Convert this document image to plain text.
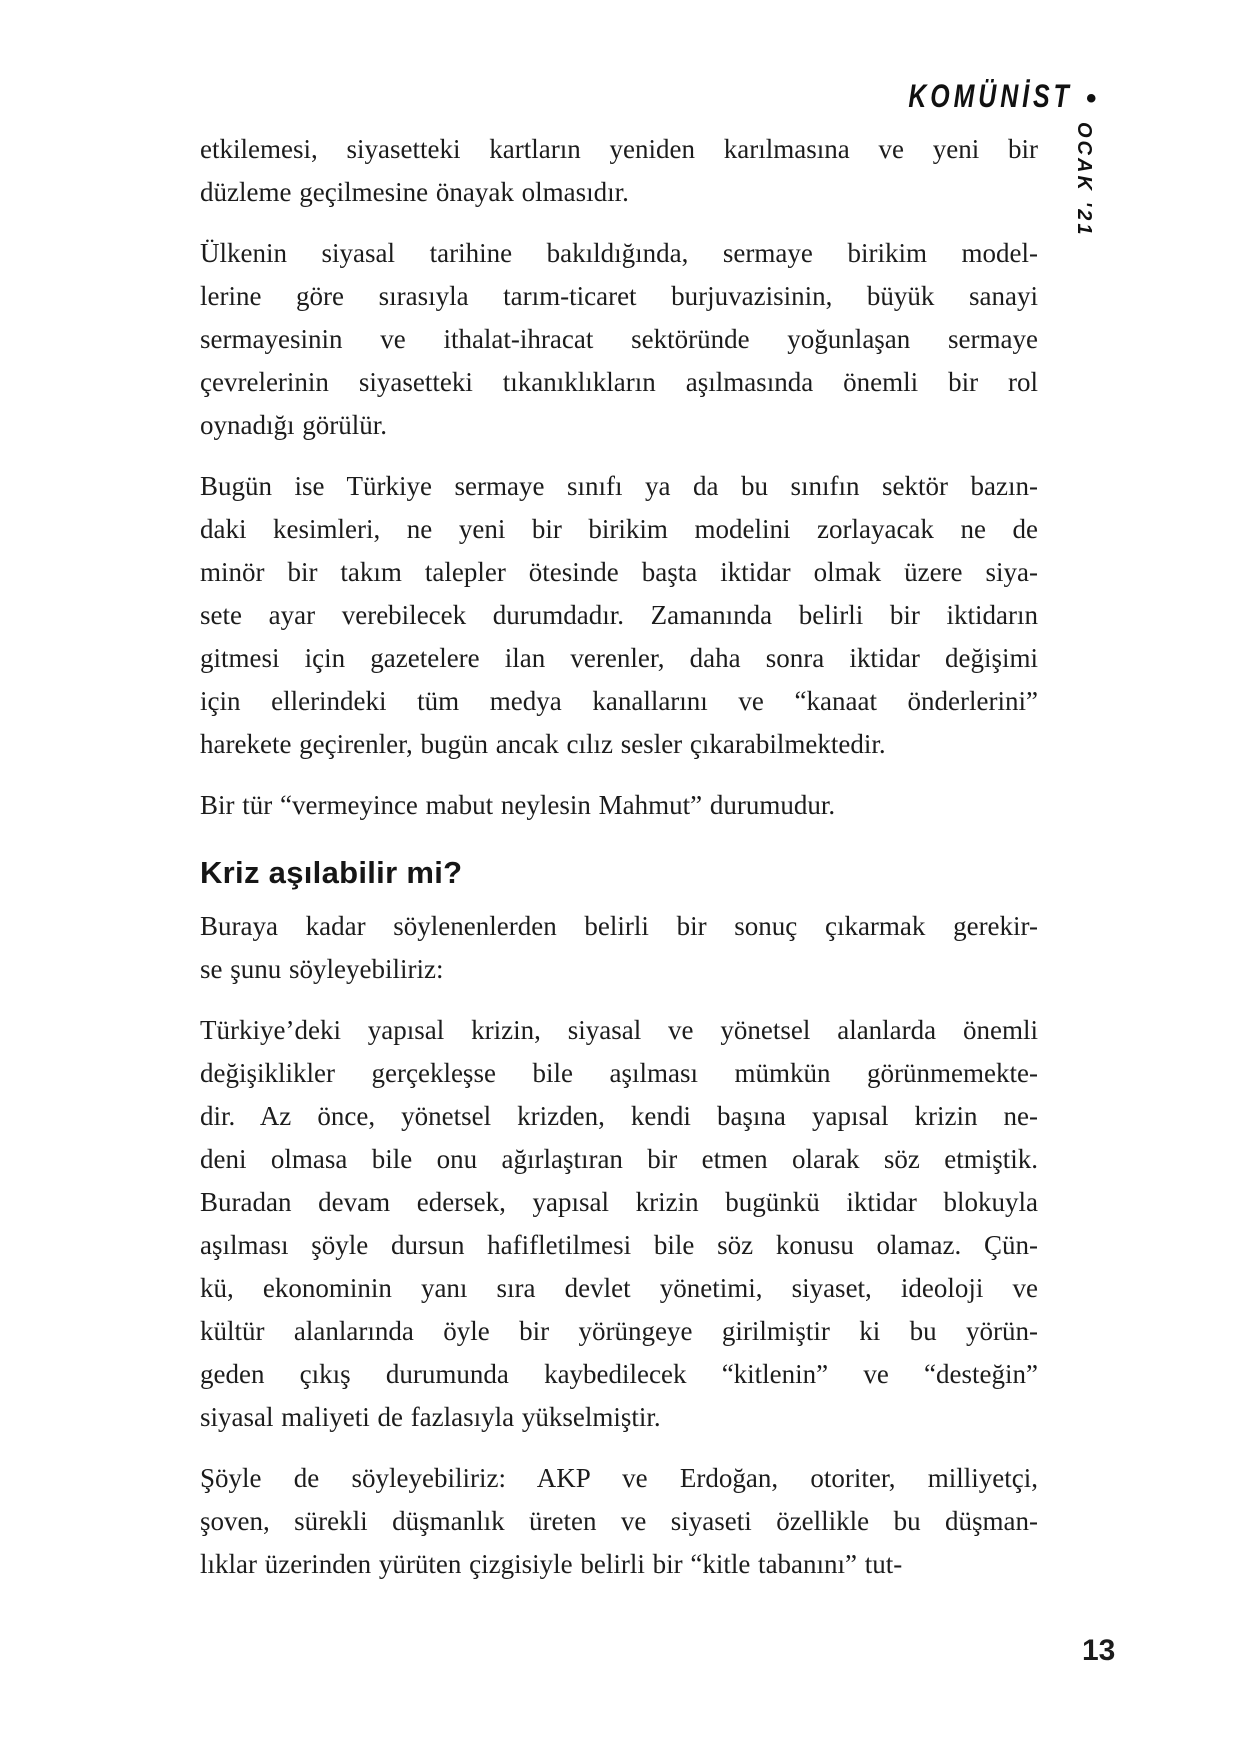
KOMÜNİST •
OCAK '21

etkilemesi, siyasetteki kartların yeniden karılmasına ve yeni bir
düzleme geçilmesine önayak olmasıdır.

Ülkenin siyasal tarihine bakıldığında, sermaye birikim model-
lerine göre sırasıyla tarım-ticaret burjuvazisinin, büyük sanayi
sermayesinin ve ithalat-ihracat sektöründe yoğunlaşan sermaye
çevrelerinin siyasetteki tıkanıklıkların aşılmasında önemli bir rol
oynadığı görülür.

Bugün ise Türkiye sermaye sınıfı ya da bu sınıfın sektör bazın-
daki kesimleri, ne yeni bir birikim modelini zorlayacak ne de
minör bir takım talepler ötesinde başta iktidar olmak üzere siya-
sete ayar verebilecek durumdadır. Zamanında belirli bir iktidarın
gitmesi için gazetelere ilan verenler, daha sonra iktidar değişimi
için ellerindeki tüm medya kanallarını ve “kanaat önderlerini”
harekete geçirenler, bugün ancak cılız sesler çıkarabilmektedir.

Bir tür “vermeyince mabut neylesin Mahmut” durumudur.

Kriz aşılabilir mi?

Buraya kadar söylenenlerden belirli bir sonuç çıkarmak gerekir-
se şunu söyleyebiliriz:

Türkiye’deki yapısal krizin, siyasal ve yönetsel alanlarda önemli
değişiklikler gerçekleşse bile aşılması mümkün görünmemekte-
dir. Az önce, yönetsel krizden, kendi başına yapısal krizin ne-
deni olmasa bile onu ağırlaştıran bir etmen olarak söz etmiştik.
Buradan devam edersek, yapısal krizin bugünkü iktidar blokuyla
aşılması şöyle dursun hafifletilmesi bile söz konusu olamaz. Çün-
kü, ekonominin yanı sıra devlet yönetimi, siyaset, ideoloji ve
kültür alanlarında öyle bir yörüngeye girilmiştir ki bu yörün-
geden çıkış durumunda kaybedilecek “kitlenin” ve “desteğin”
siyasal maliyeti de fazlasıyla yükselmiştir.

Şöyle de söyleyebiliriz: AKP ve Erdoğan, otoriter, milliyetçi,
şoven, sürekli düşmanlık üreten ve siyaseti özellikle bu düşman-
lıklar üzerinden yürüten çizgisiyle belirli bir “kitle tabanını” tut-

13
